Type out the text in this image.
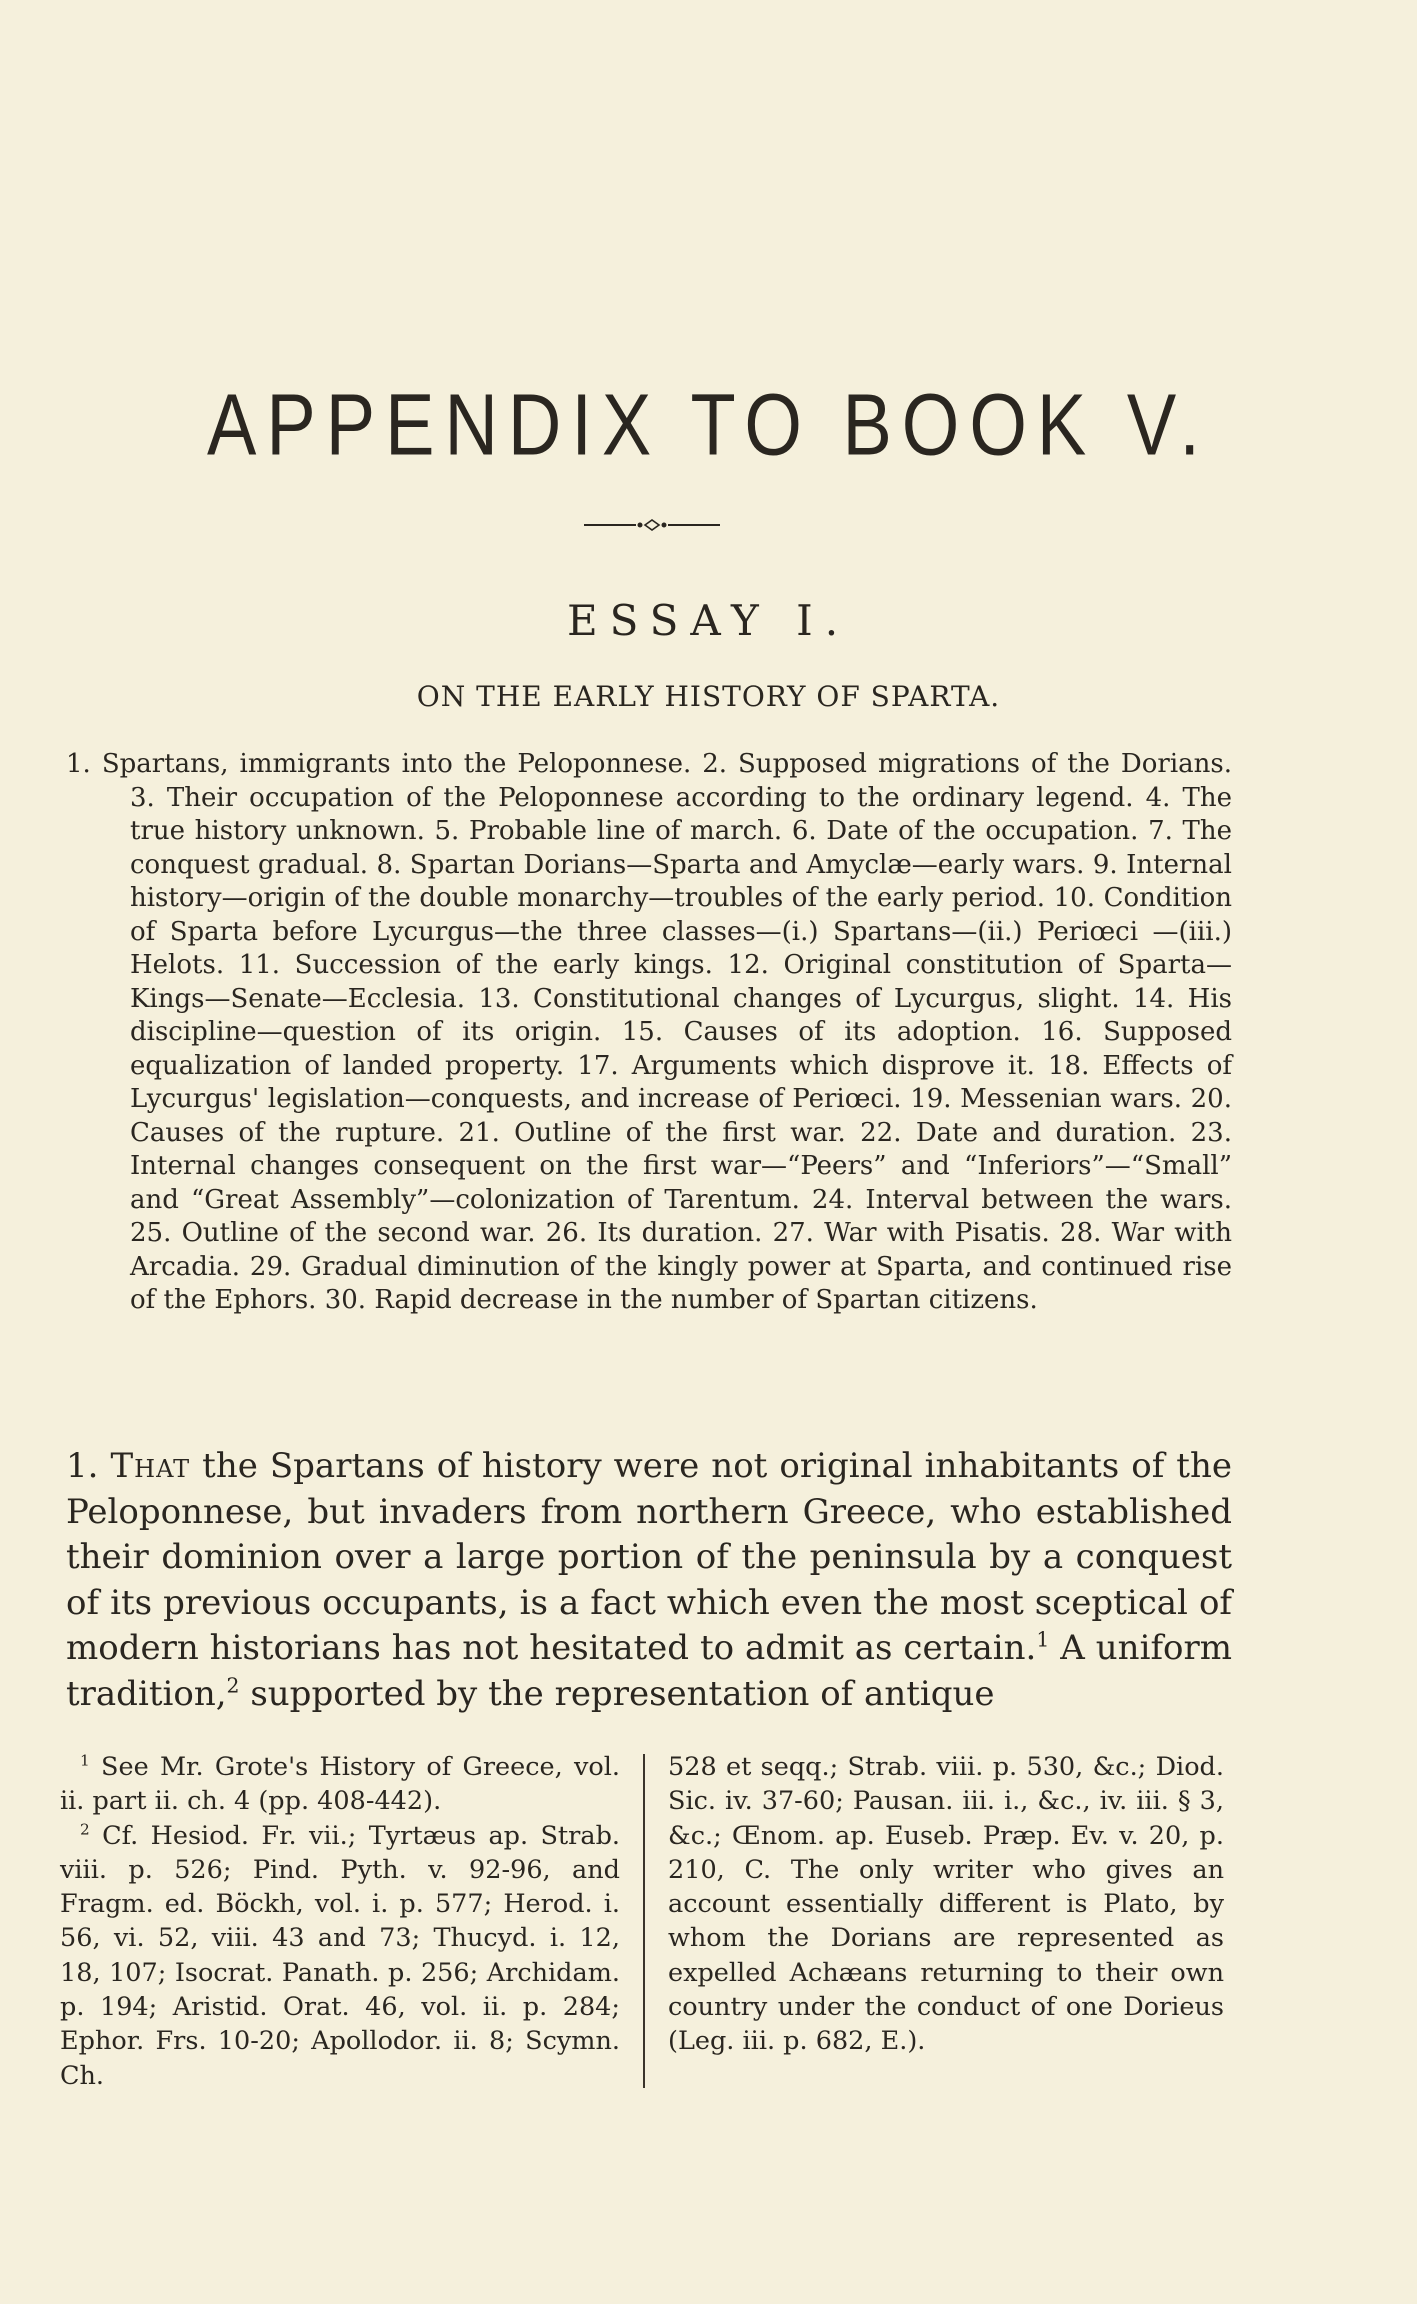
APPENDIX TO BOOK V.
ESSAY I.
ON THE EARLY HISTORY OF SPARTA.
1. Spartans, immigrants into the Peloponnese. 2. Supposed migrations of the Dorians. 3. Their occupation of the Peloponnese according to the ordinary legend. 4. The true history unknown. 5. Probable line of march. 6. Date of the occupation. 7. The conquest gradual. 8. Spartan Dorians—Sparta and Amyclæ—early wars. 9. Internal history—origin of the double monarchy—troubles of the early period. 10. Condition of Sparta before Lycurgus—the three classes—(i.) Spartans—(ii.) Periœci —(iii.) Helots. 11. Succession of the early kings. 12. Original constitution of Sparta—Kings—Senate—Ecclesia. 13. Constitutional changes of Lycurgus, slight. 14. His discipline—question of its origin. 15. Causes of its adoption. 16. Supposed equalization of landed property. 17. Arguments which disprove it. 18. Effects of Lycurgus' legislation—conquests, and increase of Periœci. 19. Messenian wars. 20. Causes of the rupture. 21. Outline of the first war. 22. Date and duration. 23. Internal changes consequent on the first war—“Peers” and “Inferiors”—“Small” and “Great Assembly”—colonization of Tarentum. 24. Interval between the wars. 25. Outline of the second war. 26. Its duration. 27. War with Pisatis. 28. War with Arcadia. 29. Gradual diminution of the kingly power at Sparta, and continued rise of the Ephors. 30. Rapid decrease in the number of Spartan citizens.
1. That the Spartans of history were not original inhabitants of the Peloponnese, but invaders from northern Greece, who established their dominion over a large portion of the peninsula by a conquest of its previous occupants, is a fact which even the most sceptical of modern historians has not hesitated to admit as certain.$^1$ A uniform tradition,$^2$ supported by the representation of antique

$^1$ See Mr. Grote's History of Greece, vol. ii. part ii. ch. 4 (pp. 408-442).

$^2$ Cf. Hesiod. Fr. vii.; Tyrtæus ap. Strab. viii. p. 526; Pind. Pyth. v. 92-96, and Fragm. ed. Böckh, vol. i. p. 577; Herod. i. 56, vi. 52, viii. 43 and 73; Thucyd. i. 12, 18, 107; Isocrat. Panath. p. 256; Archidam. p. 194; Aristid. Orat. 46, vol. ii. p. 284; Ephor. Frs. 10-20; Apollodor. ii. 8; Scymn. Ch.

528 et seqq.; Strab. viii. p. 530, &c.; Diod. Sic. iv. 37-60; Pausan. iii. i., &c., iv. iii. § 3, &c.; Œnom. ap. Euseb. Præp. Ev. v. 20, p. 210, C. The only writer who gives an account essentially different is Plato, by whom the Dorians are represented as expelled Achæans returning to their own country under the conduct of one Dorieus (Leg. iii. p. 682, E.).
